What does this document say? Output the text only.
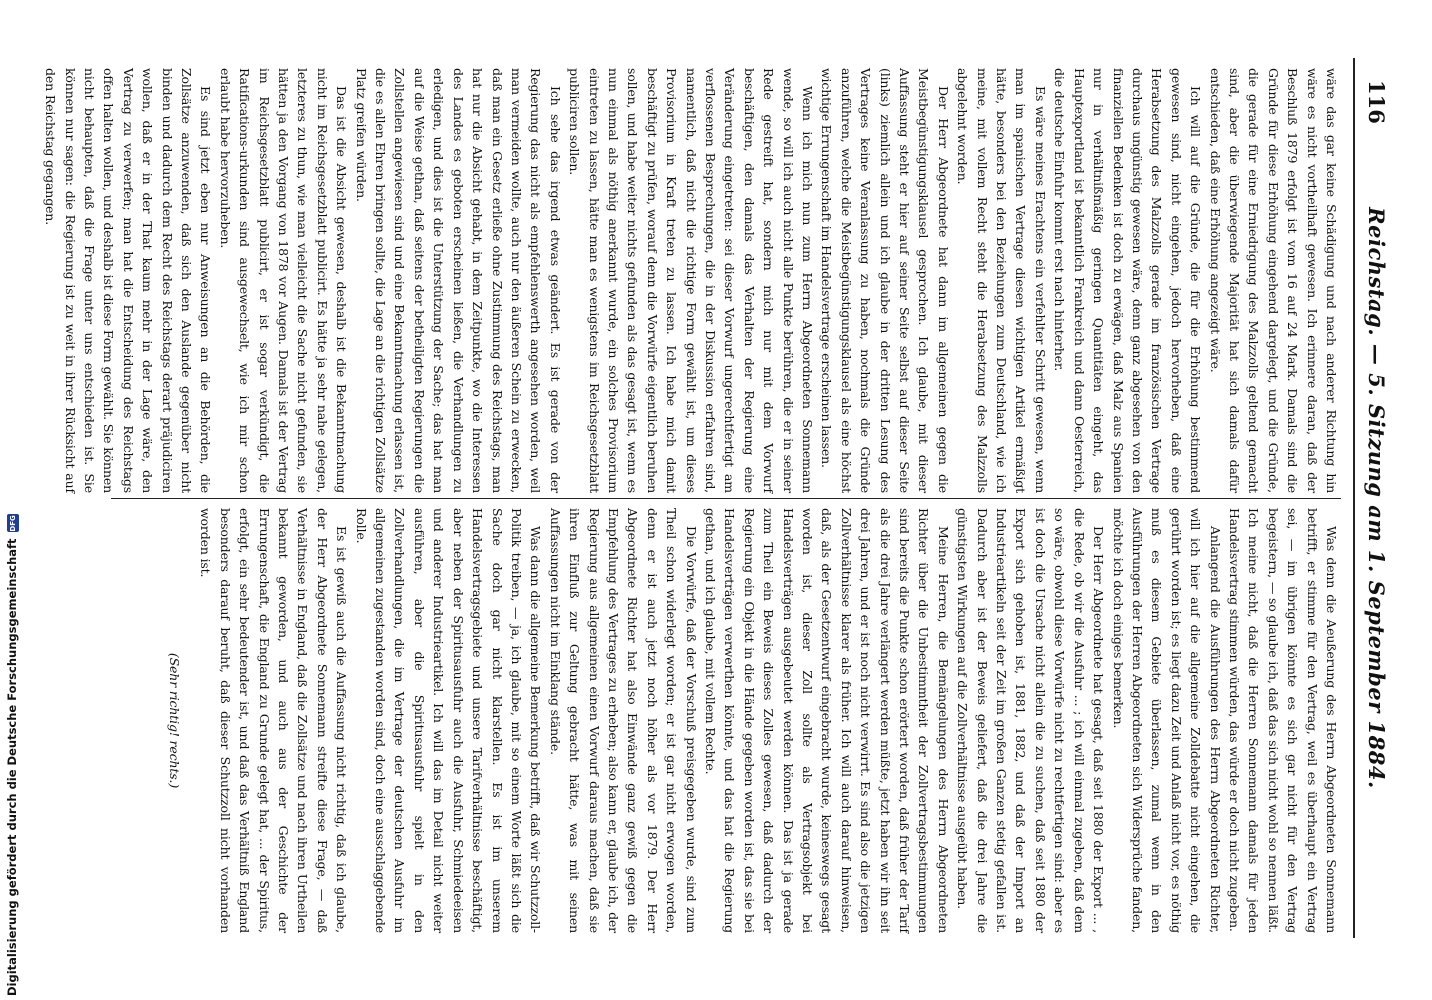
116
Reichstag. — 5. Sitzung am 1. September 1884.

wäre das gar keine Schädigung und nach anderer Richtung hin wäre es nicht vortheilhaft gewesen. Ich erinnere daran, daß der Beschluß 1879 erfolgt ist vom 16 auf 24 Mark. Damals sind die Gründe für diese Erhöhung eingehend dargelegt, und die Gründe, die gerade für eine Erniedrigung des Malzzolls geltend gemacht sind, aber die überwiegende Majorität hat sich damals dafür entschieden, daß eine Erhöhung angezeigt wäre.

Ich will auf die Gründe, die für die Erhöhung bestimmend gewesen sind, nicht eingehen, jedoch hervorheben, daß eine Herabsetzung des Malzzolls gerade im französischen Vertrage durchaus ungünstig gewesen wäre, denn ganz abgesehen von den finanziellen Bedenken ist doch zu erwägen, daß Malz aus Spanien nur in verhältnißmäßig geringen Quantitäten eingeht, das Hauptexportland ist bekanntlich Frankreich und dann Oesterreich, die deutsche Einfuhr kommt erst nach hinterher.

Es wäre meines Erachtens ein verfehlter Schritt gewesen, wenn man im spanischen Vertrage diesen wichtigen Artikel ermäßigt hätte, besonders bei den Beziehungen zum Deutschland, wie ich meine, mit vollem Recht steht die Herabsetzung des Malzzolls abgelehnt worden.

Der Herr Abgeordnete hat dann im allgemeinen gegen die Meistbegünstigungsklausel gesprochen. Ich glaube, mit dieser Auffassung steht er hier auf seiner Seite selbst auf dieser Seite (links) ziemlich allein und ich glaube in der dritten Lesung des Vertrages keine Veranlassung zu haben, nochmals die Gründe anzuführen, welche die Meistbegünstigungsklausel als eine höchst wichtige Errungenschaft im Handelsvertrage erscheinen lassen.

Wenn ich mich nun zum Herrn Abgeordneten Sonnemann wende, so will ich auch nicht alle Punkte berühren, die er in seiner Rede gestreift hat, sondern mich nur mit dem Vorwurf beschäftigen, den damals das Verhalten der Regierung eine Veränderung eingetreten: sei dieser Vorwurf ungerechtfertigt am verflossenen Besprechungen, die in der Diskussion erfahren sind, namentlich, daß nicht die richtige Form gewählt ist, um dieses Provisorium in Kraft treten zu lassen. Ich habe mich damit beschäftigt zu prüfen, worauf denn die Vorwürfe eigentlich beruhen sollen, und habe weiter nichts gefunden als das gesagt ist, wenn es nun einmal als nöthig anerkannt wurde, ein solches Provisorium eintreten zu lassen, hätte man es wenigstens im Reichsgesetzblatt publiciren sollen.

Ich sehe das irgend etwas geändert. Es ist gerade von der Regierung das nicht als empfehlenswerth angesehen worden, weil man vermeiden wollte, auch nur den äußeren Schein zu erwecken, daß man ein Gesetz erließe ohne Zustimmung des Reichstags, man hat nur die Absicht gehabt, in dem Zeitpunkte, wo die Interessen des Landes es geboten erscheinen ließen, die Verhandlungen zu erledigen, und dies ist die Unterstützung der Sache; das hat man auf die Weise gethan, daß seitens der betheiligten Regierungen die Zollstellen angewiesen sind und eine Bekanntmachung erlassen ist, die es allen Ehren bringen sollte, die Lage an die richtigen Zollsätze Platz greifen würden.

Das ist die Absicht gewesen, deshalb ist die Bekanntmachung nicht im Reichsgesetzblatt publicirt. Es hätte ja sehr nahe gelegen, letzteres zu thun, wie man vielleicht die Sache nicht gefunden, sie hätten ja den Vorgang von 1878 vor Augen. Damals ist der Vertrag im Reichsgesetzblatt publicirt, er ist sogar verkündigt, die Ratifications-urkunden sind ausgewechselt, wie ich mir schon erlaubt habe hervorzuheben.

Es sind jetzt eben nur Anweisungen an die Behörden, die Zollsätze anzuwenden, daß sich den Auslande gegenüber nicht binden und dadurch dem Recht des Reichstags derart präjudiciren wollen, daß er in der That kaum mehr in der Lage wäre, den Vertrag zu verwerfen; man hat die Entscheidung des Reichstags offen halten wollen, und deshalb ist diese Form gewählt. Sie können nicht behaupten, daß die Frage unter uns entschieden ist. Sie können nur sagen: die Regierung ist zu weit in ihrer Rücksicht auf den Reichstag gegangen.

Was denn die Aeußerung des Herrn Abgeordneten Sonnemann betrifft, er stimme für den Vertrag, weil es überhaupt ein Vertrag sei, — im übrigen könnte es sich gar nicht für den Vertrag begeistern, — so glaube ich, daß das sich nicht wohl so nennen läßt. Ich meine nicht, daß die Herren Sonnemann damals für jeden Handelsvertrag stimmen würden, das würde er doch nicht zugeben.

Anlangend die Ausführungen des Herrn Abgeordneten Richter, will ich hier auf die allgemeine Zolldebatte nicht eingehen, die gerührt worden ist; es liegt dazu Zeit und Anlaß nicht vor, es nöthig muß es diesem Gebiete überlassen, zumal wenn in den Ausführungen der Herren Abgeordneten sich Widersprüche fanden, möchte ich doch einiges bemerken.

Der Herr Abgeordnete hat gesagt, daß seit 1880 der Export ... , die Rede, ob wir die Ausfuhr ... ; ich will einmal zugeben, daß dem so wäre, obwohl diese Vorwürfe nicht zu rechtfertigen sind: aber es ist doch die Ursache nicht allein die zu suchen, daß seit 1880 der Export sich gehoben ist, 1881, 1882, und daß der Import an Industrieartikeln seit der Zeit im großen Ganzen stetig gefallen ist. Dadurch aber ist der Beweis geliefert, daß die drei Jahre die günstigsten Wirkungen auf die Zollverhältnisse ausgeübt haben.

Meine Herren, die Bemängelungen des Herrn Abgeordneten Richter über die Unbestimmtheit der Zollvertragsbestimmungen sind bereits die Punkte schon erörtert worden, daß früher der Tarif als die drei Jahre verlängert werden müßte, jetzt haben wir ihn seit drei Jahren, und er ist noch nicht verwirrt. Es sind also die jetzigen Zollverhältnisse klarer als früher. Ich will auch darauf hinweisen, daß, als der Gesetzentwurf eingebracht wurde, keineswegs gesagt worden ist, dieser Zoll sollte als Vertragsobjekt bei Handelsverträgen ausgebeutet werden können. Das ist ja gerade zum Theil ein Beweis dieses Zolles gewesen, daß dadurch der Regierung ein Objekt in die Hände gegeben worden ist, das sie bei Handelsverträgen verwerthen könnte, und das hat die Regierung gethan, und ich glaube, mit vollem Rechte.

Die Vorwürfe, daß der Vorschuß preisgegeben wurde, sind zum Theil schon widerlegt worden; er ist gar nicht erwogen worden, denn er ist auch jetzt noch höher als vor 1879. Der Herr Abgeordnete Richter hat also Einwände ganz gewiß gegen die Empfehlung des Vertrages zu erheben; also kann er, glaube ich, der Regierung aus allgemeinen einen Vorwurf daraus machen, daß sie ihren Einfluß zur Geltung gebracht hätte, was mit seinen Auffassungen nicht im Einklang stände.

Was dann die allgemeine Bemerkung betrifft, daß wir Schutzzoll-Politik treiben, — ja, ich glaube, mit so einem Worte läßt sich die Sache doch gar nicht klarstellen. Es ist im unserem Handelsvertragsgebiete und unsere Tarifverhältnisse beschäftigt, aber neben der Spiritusausfuhr auch die Ausfuhr, Schmiedeeisen und anderer Industrieartikel. Ich will das im Detail nicht weiter ausführen, aber die Spiritusausfuhr spielt in den Zollverhandlungen, die im Vertrage der deutschen Ausfuhr im allgemeinen zugestanden worden sind, doch eine ausschlaggebende Rolle.

Es ist gewiß auch die Auffassung nicht richtig, daß ich glaube, der Herr Abgeordnete Sonnemann streifte diese Frage, — daß Verhältnisse in England, daß die Zollsätze und nach ihren Urtheilen bekannt geworden, und auch aus der Geschichte der Errungenschaft, die England zu Grunde gelegt hat, ... der Spiritus, erfolgt, ein sehr bedeutender ist, und daß das Verhältniß England besonders darauf beruht, daß dieser Schutzzoll nicht vorhanden worden ist.

(Sehr richtig! rechts.)

Digitalisierung gefördert durch die Deutsche ForschungsgemeinschaftDFG
